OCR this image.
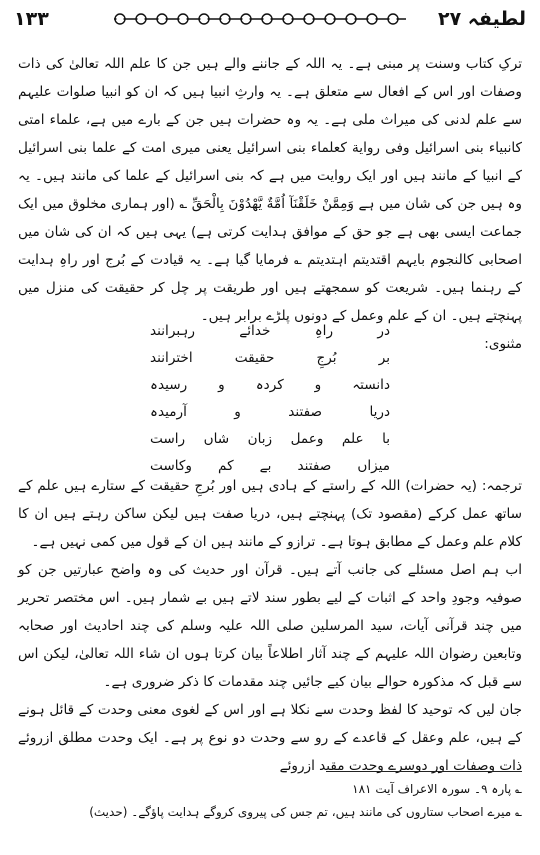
۱۳۳	لطیفہ ۲۷

ترکِ کتاب وسنت پر مبنی ہے۔ یہ اللہ کے جاننے والے ہیں جن کا علم اللہ تعالیٰ کی ذات وصفات اور اس کے افعال سے متعلق ہے۔ یہ وارثِ انبیا ہیں کہ ان کو انبیا صلوات علیہم سے علم لدنی کی میراث ملی ہے۔ یہ وہ حضرات ہیں جن کے بارے میں ہے، علماء امتی کانبیاء بنی اسرائیل وفی روایة کعلماء بنی اسرائیل یعنی میری امت کے علما بنی اسرائیل کے انبیا کے مانند ہیں اور ایک روایت میں ہے کہ بنی اسرائیل کے علما کی مانند ہیں۔ یہ وہ ہیں جن کی شان میں ہے وَمِمَّنْ خَلَقْنَآ اُمَّةٌ یَّهْدُوْنَ بِالْحَقِّ ؎ (اور ہماری مخلوق میں ایک جماعت ایسی بھی ہے جو حق کے موافق ہدایت کرتی ہے) یہی ہیں کہ ان کی شان میں اصحابی کالنجوم بایہم اقتدیتم اہتدیتم ؎ فرمایا گیا ہے۔ یہ قیادت کے بُرج اور راہِ ہدایت کے رہنما ہیں۔ شریعت کو سمجھتے ہیں اور طریقت پر چل کر حقیقت کی منزل میں پہنچتے ہیں۔ ان کے علم وعمل کے دونوں پلڑے برابر ہیں۔

مثنوی:

در
راہِ
خدائے
رہبرانند
بر
بُرجِ
حقیقت
اخترانند
دانستہ
و
کردہ
و
رسیدہ
دریا
صفتند
و
آرمیدہ
با
علم
وعمل
زبان
شاں
راست
میزاں
صفتند
بے
کم
وکاست

ترجمہ: (یہ حضرات) اللہ کے راستے کے ہادی ہیں اور بُرجِ حقیقت کے ستارے ہیں علم کے ساتھ عمل کرکے (مقصود تک) پہنچتے ہیں، دریا صفت ہیں لیکن ساکن رہتے ہیں ان کا کلام علم وعمل کے مطابق ہوتا ہے۔ ترازو کے مانند ہیں ان کے قول میں کمی نہیں ہے۔

اب ہم اصل مسئلے کی جانب آتے ہیں۔ قرآن اور حدیث کی وہ واضح عبارتیں جن کو صوفیہ وجودِ واحد کے اثبات کے لیے بطور سند لاتے ہیں بے شمار ہیں۔ اس مختصر تحریر میں چند قرآنی آیات، سید المرسلین صلی اللہ علیہ وسلم کی چند احادیث اور صحابہ وتابعین رضوان اللہ علیہم کے چند آثار اطلاعاً بیان کرتا ہوں ان شاء اللہ تعالیٰ، لیکن اس سے قبل کہ مذکورہ حوالے بیان کیے جائیں چند مقدمات کا ذکر ضروری ہے۔

جان لیں کہ توحید کا لفظ وحدت سے نکلا ہے اور اس کے لغوی معنی وحدت کے قائل ہونے کے ہیں، علم وعقل کے قاعدے کے رو سے وحدت دو نوع پر ہے۔ ایک وحدت مطلق ازروئے ذات وصفات اور دوسرے وحدت مقید ازروئے

؎ پارہ ۹۔ سورہ الاعراف آیت ۱۸۱

؎ میرے اصحاب ستاروں کی مانند ہیں، تم جس کی پیروی کروگے ہدایت پاؤگے۔ (حدیث)
